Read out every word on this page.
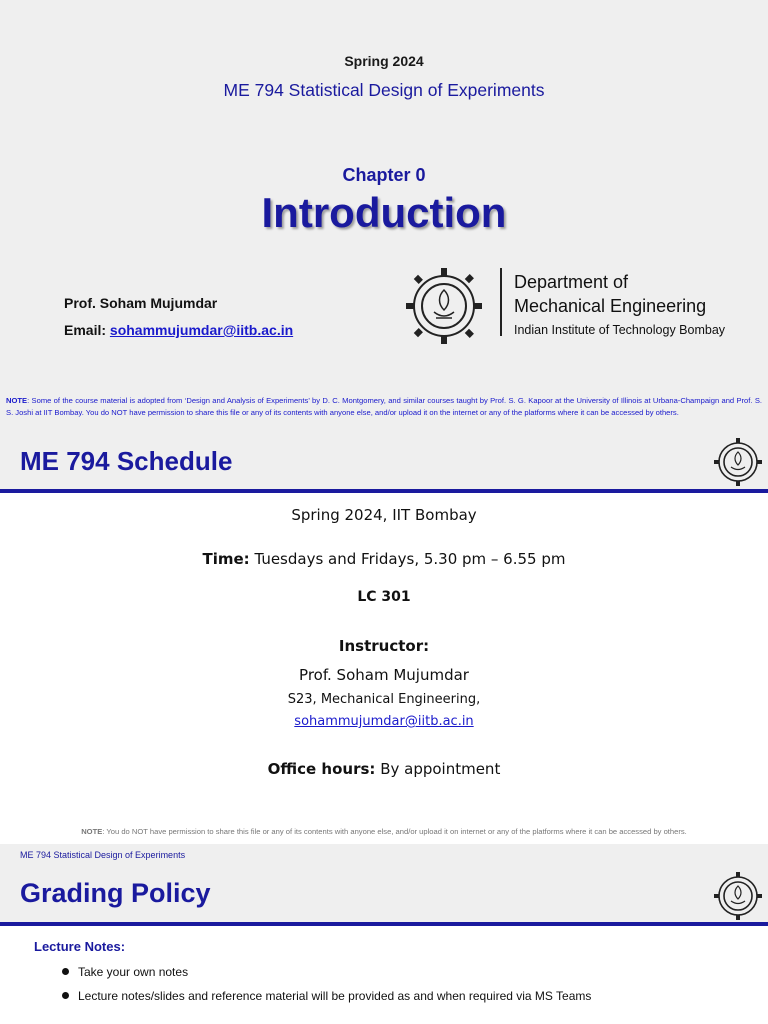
Spring 2024
ME 794 Statistical Design of Experiments
Chapter 0
Introduction
Prof. Soham Mujumdar
Email: sohammujumdar@iitb.ac.in
Department of
Mechanical Engineering
Indian Institute of Technology Bombay
NOTE: Some of the course material is adopted from ‘Design and Analysis of Experiments’ by D. C. Montgomery, and similar courses taught by Prof. S. G. Kapoor at the University of Illinois at Urbana-Champaign and Prof. S. S. Joshi at IIT Bombay. You do NOT have permission to share this file or any of its contents with anyone else, and/or upload it on the internet or any of the platforms where it can be accessed by others.
ME 794 Schedule
Spring 2024, IIT Bombay
Time: Tuesdays and Fridays, 5.30 pm – 6.55 pm
LC 301
Instructor:
Prof. Soham Mujumdar
S23, Mechanical Engineering,
sohammujumdar@iitb.ac.in
Office hours: By appointment
NOTE: You do NOT have permission to share this file or any of its contents with anyone else, and/or upload it on internet or any of the platforms where it can be accessed by others.
ME 794 Statistical Design of Experiments
Grading Policy
Lecture Notes:
Take your own notes
Lecture notes/slides and reference material will be provided as and when required via MS Teams
